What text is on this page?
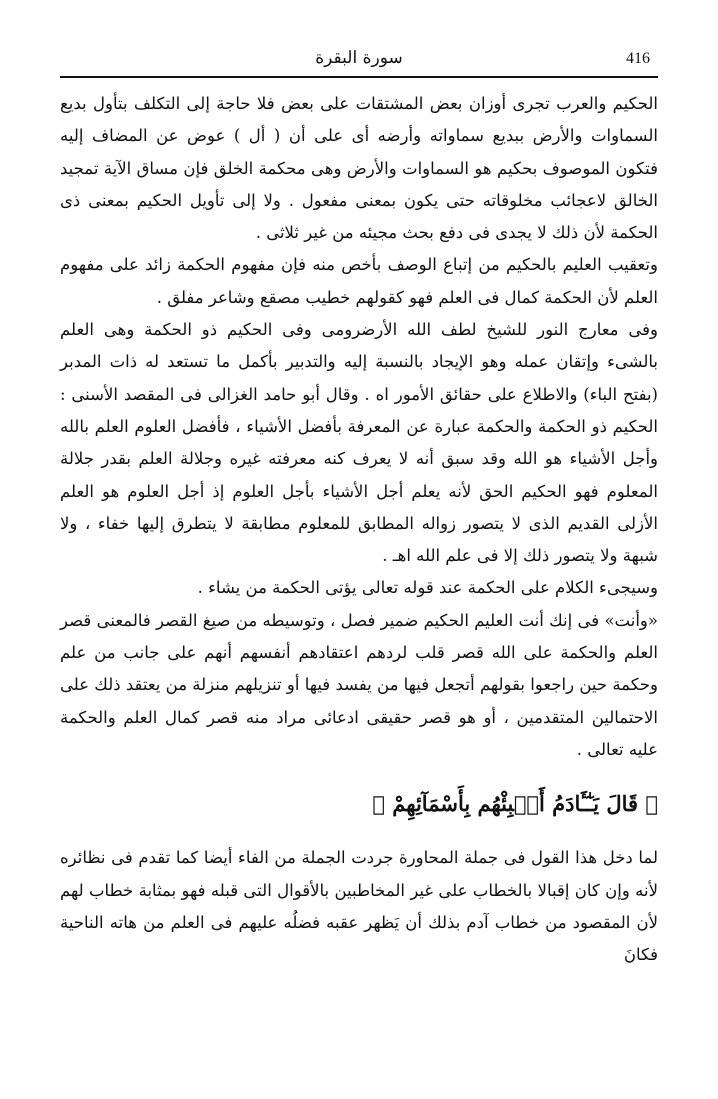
416
سورة البقرة

الحكيم والعرب تجرى أوزان بعض المشتقات على بعض فلا حاجة إلى التكلف بتأول بديع السماوات والأرض ببديع سماواته وأرضه أى على أن ( أل ) عوض عن المضاف إليه فتكون الموصوف بحكيم هو السماوات والأرض وهى محكمة الخلق فإن مساق الآية تمجيد الخالق لاعجائب مخلوقاته حتى يكون بمعنى مفعول . ولا إلى تأويل الحكيم بمعنى ذى الحكمة لأن ذلك لا يجدى فى دفع بحث مجيئه من غير ثلاثى .

وتعقيب العليم بالحكيم من إتباع الوصف بأخص منه فإن مفهوم الحكمة زائد على مفهوم العلم لأن الحكمة كمال فى العلم فهو كقولهم خطيب مصقع وشاعر مفلق .

وفى معارج النور للشيخ لطف الله الأرضرومى وفى الحكيم ذو الحكمة وهى العلم بالشىء وإتقان عمله وهو الإيجاد بالنسبة إليه والتدبير بأكمل ما تستعد له ذات المدبر (بفتح الباء) والاطلاع على حقائق الأمور اه . وقال أبو حامد الغزالى فى المقصد الأسنى : الحكيم ذو الحكمة والحكمة عبارة عن المعرفة بأفضل الأشياء ، فأفضل العلوم العلم بالله وأجل الأشياء هو الله وقد سبق أنه لا يعرف كنه معرفته غيره وجلالة العلم بقدر جلالة المعلوم فهو الحكيم الحق لأنه يعلم أجل الأشياء بأجل العلوم إذ أجل العلوم هو العلم الأزلى القديم الذى لا يتصور زواله المطابق للمعلوم مطابقة لا يتطرق إليها خفاء ، ولا شبهة ولا يتصور ذلك إلا فى علم الله اهـ .

وسيجىء الكلام على الحكمة عند قوله تعالى يؤتى الحكمة من يشاء .

«وأنت» فى إنك أنت العليم الحكيم ضمير فصل ، وتوسيطه من صيغ القصر فالمعنى قصر العلم والحكمة على الله قصر قلب لردهم اعتقادهم أنفسهم أنهم على جانب من علم وحكمة حين راجعوا بقولهم أتجعل فيها من يفسد فيها أو تنزيلهم منزلة من يعتقد ذلك على الاحتمالين المتقدمين ، أو هو قصر حقيقى ادعائى مراد منه قصر كمال العلم والحكمة عليه تعالى .

﴿ قَالَ يَـٰٓـَٔادَمُ أَنۢبِئْهُم بِأَسْمَآئِهِمْ ﴾

لما دخل هذا القول فى جملة المحاورة جردت الجملة من الفاء أيضا كما تقدم فى نظائره لأنه وإن كان إقبالا بالخطاب على غير المخاطبين بالأقوال التى قبله فهو بمثابة خطاب لهم لأن المقصود من خطاب آدم بذلك أن يَظهر عقبه فضلُه عليهم فى العلم من هاته الناحية فكانَ
